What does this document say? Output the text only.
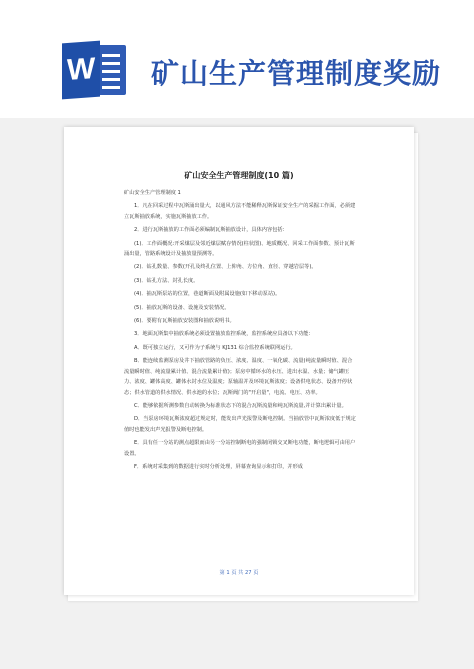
W 矿山生产管理制度奖励
矿山安全生产管理制度(10 篇)

矿山安全生产管理制度 1

1．凡在回采过程中瓦斯涌出量大，以通风方法不能稀释瓦斯保证安全生产的采掘工作面，必须建立瓦斯抽放系统，实施瓦斯抽放工作。

2．进行瓦斯抽放的工作面必须编制瓦斯抽放设计，具体内容包括：

(1)．工作面概况:开采煤层及邻近煤层赋存情况(柱状图)、地质概况、回采工作面参数、预计瓦斯涌出量，管路系统设计及抽放量预测等。

(2)．钻孔数量、参数(开孔及终孔位置、上仰角、方位角、直径、穿越岩层等)。

(3)．钻孔方法、封孔长度。

(4)．抽瓦斯泵站的位置，巷道断面及附属设施(如下移动泵站)。

(5)．抽放瓦斯的设备、设施及安装情况。

(6)．要附有瓦斯抽放安装图和抽放说明书。

3．地面瓦斯集中抽放系统必须设置抽放监控系统，监控系统应具备以下功能：

A．既可独立运行，又可作为子系统与 KJ131 综合监控系统联网运行。

B．能连续监测泵房及井下抽放管路的负压、浓度、温度、一氧化碳、流量(纯流量瞬时值、混合流量瞬时值、纯流量累计值、混合流量累计值)；泵房中循环水的水压、进出水温、水量；储气罐压力、浓度、罐体高度、罐体水封水位及温度；泵轴温并及环境瓦斯浓度；设备供电状态、设备开停状态；供水管道的供水情况、供水池的水位；瓦斯阀门的"开启量"，电流、电压、功率。

C．能够依据所测参数自动转换为标准状态下的混合瓦斯流量和纯瓦斯流量,并计算出累计量。

D．当泵房环境瓦斯浓度超过规定时，能发出声光报警及断电控制。当抽放管中瓦斯浓度低于规定值时也能发出声光报警及断电控制。

E．具有任一分站的测点超限而由另一分站控制断电的强制闭锁交叉断电功能，断电逻辑可由用户设置。

F．系统对采集到的数据进行实时分析处理，屏幕查询显示和打印，并形成

第 1 页 共 27 页
